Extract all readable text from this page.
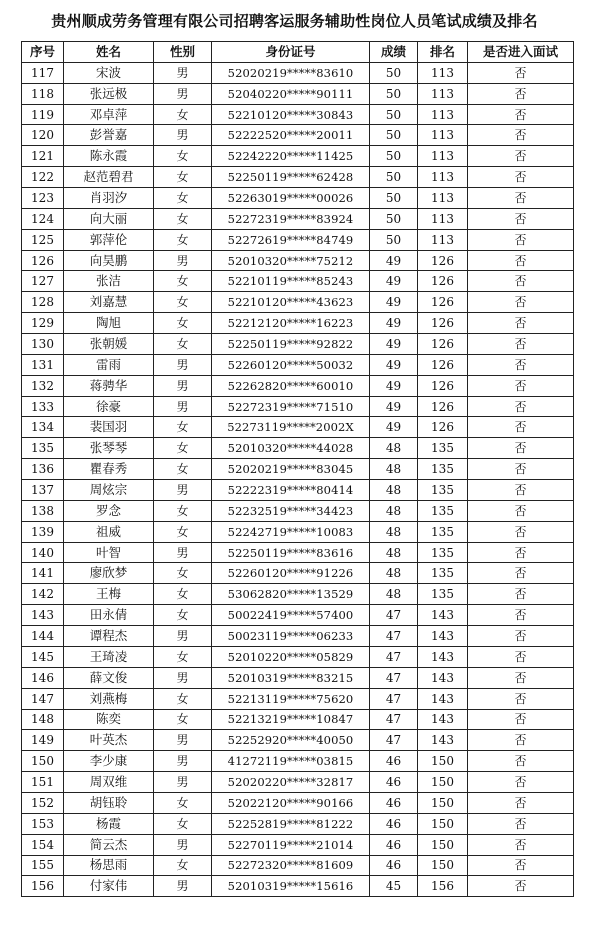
贵州顺成劳务管理有限公司招聘客运服务辅助性岗位人员笔试成绩及排名
序号	姓名	性别	身份证号	成绩	排名	是否进入面试
117	宋波	男	52020219*****83610	50	113	否
118	张远极	男	52040220*****90111	50	113	否
119	邓卓萍	女	52210120*****30843	50	113	否
120	彭誉嘉	男	52222520*****20011	50	113	否
121	陈永霞	女	52242220*****11425	50	113	否
122	赵范碧君	女	52250119*****62428	50	113	否
123	肖羽汐	女	52263019*****00026	50	113	否
124	向大丽	女	52272319*****83924	50	113	否
125	郭萍伦	女	52272619*****84749	50	113	否
126	向昊鹏	男	52010320*****75212	49	126	否
127	张洁	女	52210119*****85243	49	126	否
128	刘嘉慧	女	52210120*****43623	49	126	否
129	陶旭	女	52212120*****16223	49	126	否
130	张朝媛	女	52250119*****92822	49	126	否
131	雷雨	男	52260120*****50032	49	126	否
132	蒋骋华	男	52262820*****60010	49	126	否
133	徐豪	男	52272319*****71510	49	126	否
134	裴国羽	女	52273119*****2002X	49	126	否
135	张琴琴	女	52010320*****44028	48	135	否
136	瞿春秀	女	52020219*****83045	48	135	否
137	周炫宗	男	52222319*****80414	48	135	否
138	罗念	女	52232519*****34423	48	135	否
139	祖威	女	52242719*****10083	48	135	否
140	叶智	男	52250119*****83616	48	135	否
141	廖欣梦	女	52260120*****91226	48	135	否
142	王梅	女	53062820*****13529	48	135	否
143	田永倩	女	50022419*****57400	47	143	否
144	谭程杰	男	50023119*****06233	47	143	否
145	王琦凌	女	52010220*****05829	47	143	否
146	薛文俊	男	52010319*****83215	47	143	否
147	刘燕梅	女	52213119*****75620	47	143	否
148	陈奕	女	52213219*****10847	47	143	否
149	叶英杰	男	52252920*****40050	47	143	否
150	李少康	男	41272119*****03815	46	150	否
151	周双维	男	52020220*****32817	46	150	否
152	胡钰聆	女	52022120*****90166	46	150	否
153	杨霞	女	52252819*****81222	46	150	否
154	简云杰	男	52270119*****21014	46	150	否
155	杨思雨	女	52272320*****81609	46	150	否
156	付家伟	男	52010319*****15616	45	156	否
